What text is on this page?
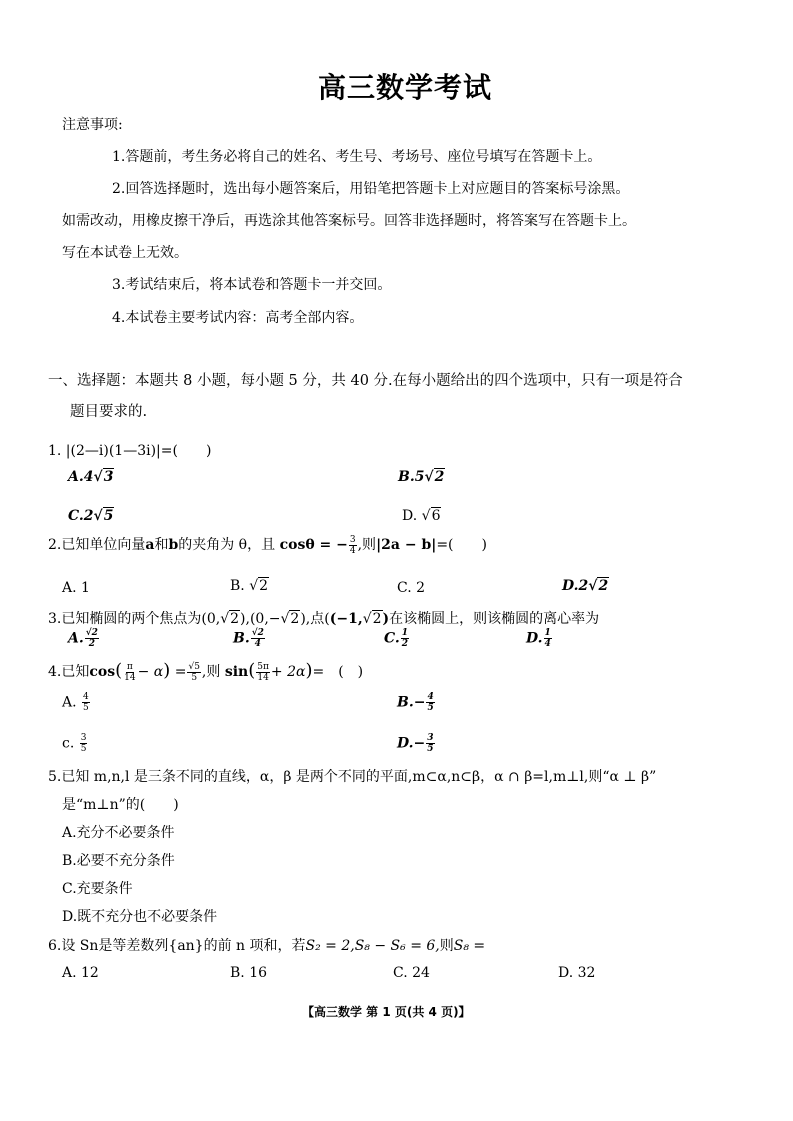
高三数学考试
注意事项:
1.答题前，考生务必将自己的姓名、考生号、考场号、座位号填写在答题卡上。
2.回答选择题时，选出每小题答案后，用铅笔把答题卡上对应题目的答案标号涂黑。
如需改动，用橡皮擦干净后，再选涂其他答案标号。回答非选择题时，将答案写在答题卡上。
写在本试卷上无效。
3.考试结束后，将本试卷和答题卡一并交回。
4.本试卷主要考试内容：高考全部内容。
一、选择题：本题共 8 小题，每小题 5 分，共 40 分.在每小题给出的四个选项中，只有一项是符合
题目要求的.
1. |(2—i)(1—3i)|=(　　)
A.4√3	B.5√2
C.2√5	D. √6
2.已知单位向量a和b的夹角为 θ，且 cosθ = − $\frac{3}{4}$ ,则|2a − b|=(　　)
A. 1	B. √2	C. 2	D.2√2
3.已知椭圆的两个焦点为(0,√2),(0,−√2),点((−1,√2)在该椭圆上，则该椭圆的离心率为
A. $\frac{√2}{2}$	B. $\frac{√2}{4}$	C. $\frac{1}{2}$	D. $\frac{1}{4}$
4.已知$\cos( \frac{\pi}{14} - \alpha) = \frac{√5}{5}$ ,则 $\sin( \frac{5\pi}{14} + 2\alpha)=$　(　)
A. $\frac{4}{5}$	$B.- \frac{4}{5}$
c. $\frac{3}{5}$	$D.- \frac{3}{5}$
5.已知 m,n,l 是三条不同的直线，α，β 是两个不同的平面,m⊂α,n⊂β，α ∩ β=l,m⊥l,则“α ⊥ β”
是“m⊥n”的(　　)
A.充分不必要条件
B.必要不充分条件
C.充要条件
D.既不充分也不必要条件
6.设 Sn是等差数列{an}的前 n 项和，若S₂ = 2,S₈ − S₆ = 6,则S₈ =
A. 12	B. 16	C. 24	D. 32
【高三数学 第 1 页(共 4 页)】
